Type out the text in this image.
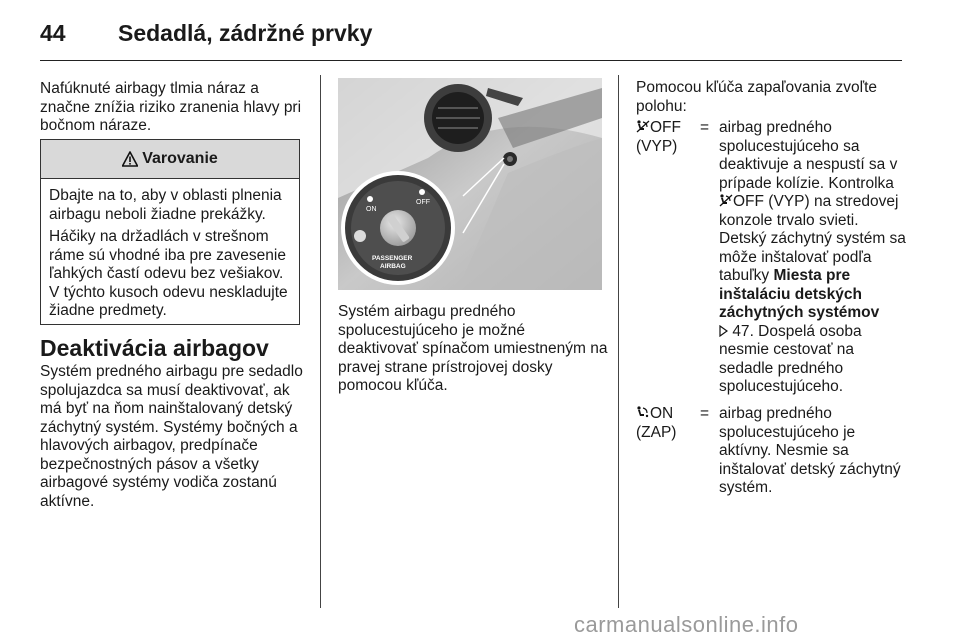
44 Sedadlá, zádržné prvky
Nafúknuté airbagy tlmia náraz a značne znížia riziko zranenia hlavy pri bočnom náraze.
Varovanie

Dbajte na to, aby v oblasti plnenia airbagu neboli žiadne prekážky.

Háčiky na držadlách v strešnom ráme sú vhodné iba pre zavesenie ľahkých častí odevu bez vešiakov. V týchto kusoch odevu neskladujte žiadne predmety.

Deaktivácia airbagov
Systém predného airbagu pre sedadlo spolujazdca sa musí deaktivovať, ak má byť na ňom nainštalovaný detský záchytný systém. Systémy bočných a hlavových airbagov, predpínače bezpečnostných pásov a všetky airbagové systémy vodiča zostanú aktívne.
ON
OFF
PASSENGER
AIRBAG
Systém airbagu predného spolucestujúceho je možné deaktivovať spínačom umiestneným na pravej strane prístrojovej dosky pomocou kľúča.
Pomocou kľúča zapaľovania zvoľte polohu:
OFF
(VYP)
= airbag predného spolucestujúceho sa deaktivuje a nespustí sa v prípade kolízie. Kontrolka OFF (VYP) na stredovej konzole trvalo svieti. Detský záchytný systém sa môže inštalovať podľa tabuľky Miesta pre inštaláciu detských záchytných systémov
47. Dospelá osoba nesmie cestovať na sedadle predného spolucestujúceho.
ON
(ZAP)
= airbag predného spolucestujúceho je aktívny. Nesmie sa inštalovať detský záchytný systém.
carmanualsonline.info
